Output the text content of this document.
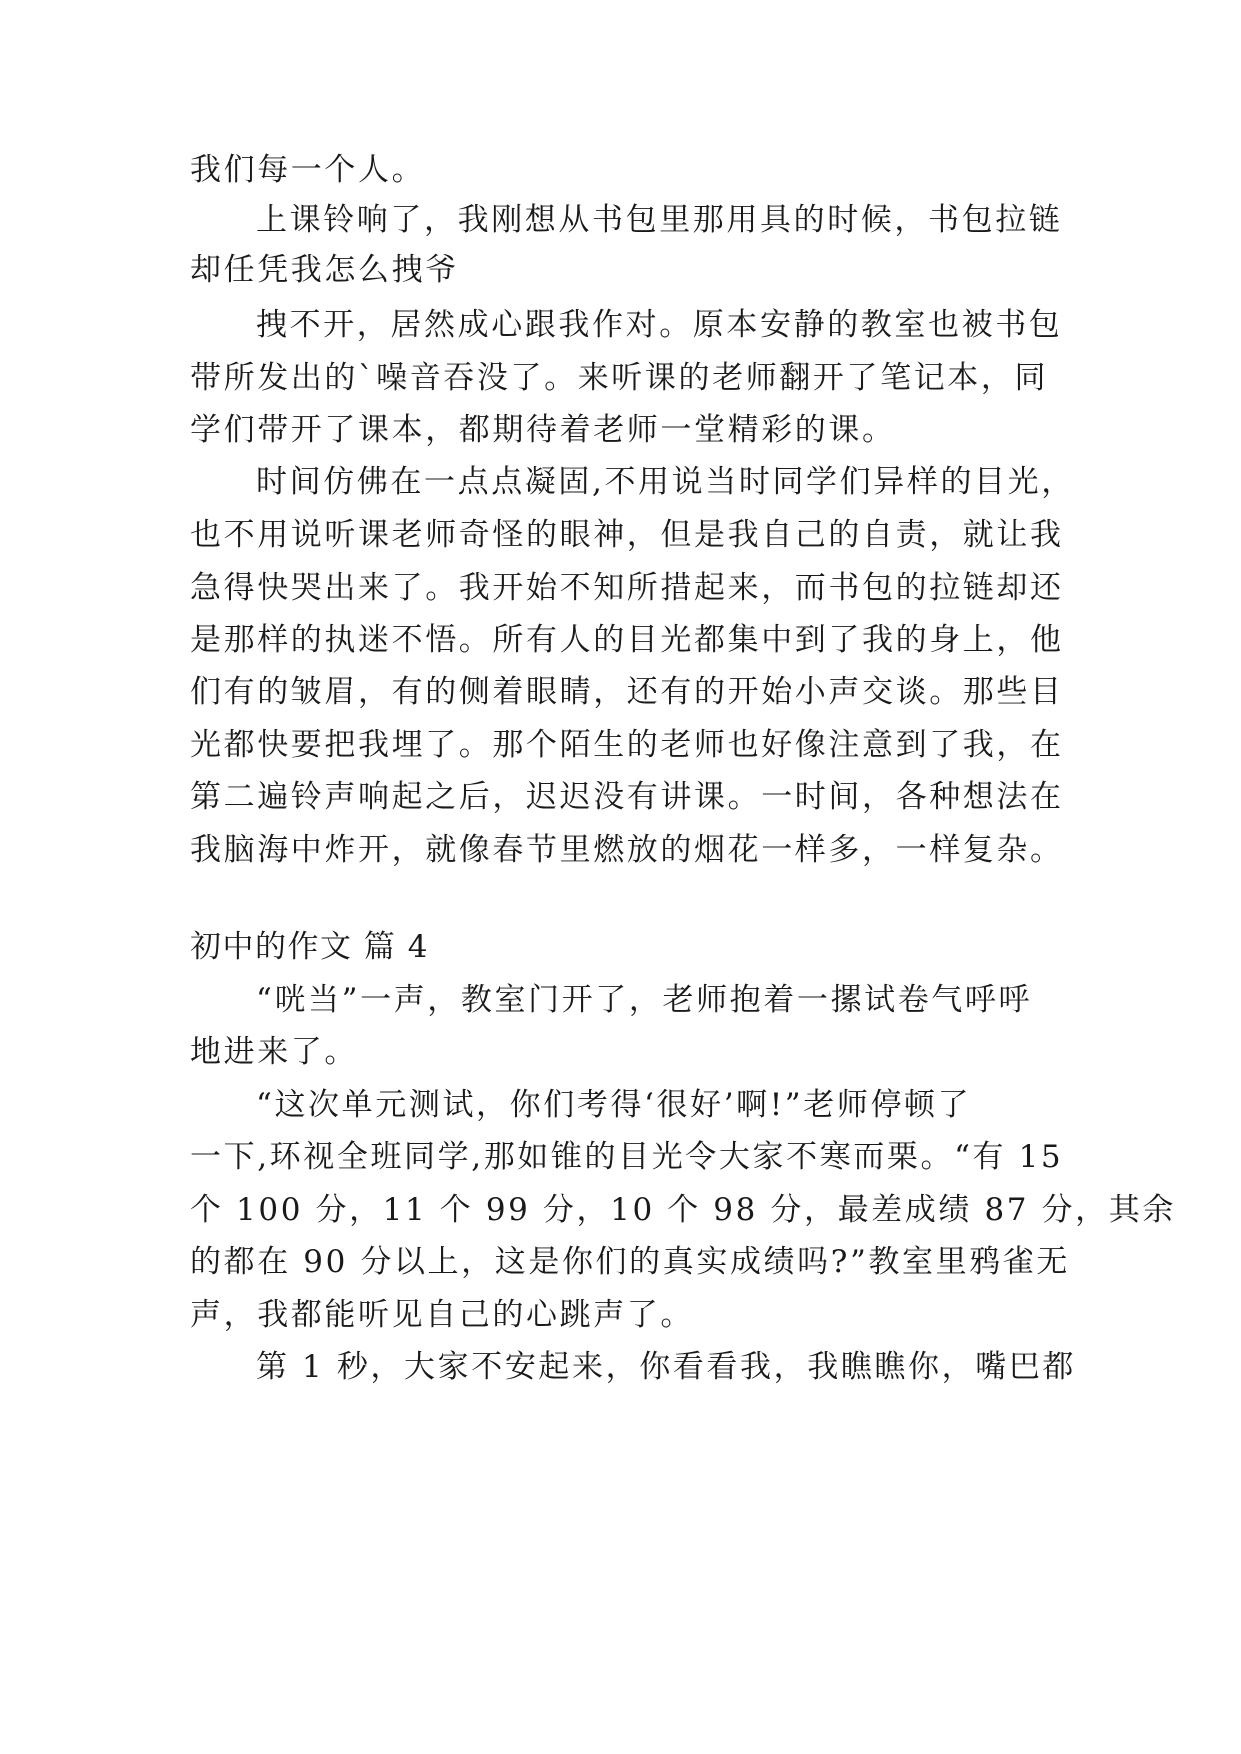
我们每一个人。
上课铃响了，我刚想从书包里那用具的时候，书包拉链
却任凭我怎么拽爷
拽不开，居然成心跟我作对。原本安静的教室也被书包
带所发出的`噪音吞没了。来听课的老师翻开了笔记本，同
学们带开了课本，都期待着老师一堂精彩的课。
时间仿佛在一点点凝固,不用说当时同学们异样的目光，
也不用说听课老师奇怪的眼神，但是我自己的自责，就让我
急得快哭出来了。我开始不知所措起来，而书包的拉链却还
是那样的执迷不悟。所有人的目光都集中到了我的身上，他
们有的皱眉，有的侧着眼睛，还有的开始小声交谈。那些目
光都快要把我埋了。那个陌生的老师也好像注意到了我，在
第二遍铃声响起之后，迟迟没有讲课。一时间，各种想法在
我脑海中炸开，就像春节里燃放的烟花一样多，一样复杂。
初中的作文 篇 4
“咣当”一声，教室门开了，老师抱着一摞试卷气呼呼
地进来了。
“这次单元测试，你们考得‘很好’啊!”老师停顿了
一下,环视全班同学,那如锥的目光令大家不寒而栗。“有 15
个 100 分，11 个 99 分，10 个 98 分，最差成绩 87 分，其余
的都在 90 分以上，这是你们的真实成绩吗?”教室里鸦雀无
声，我都能听见自己的心跳声了。
第 1 秒，大家不安起来，你看看我，我瞧瞧你，嘴巴都
